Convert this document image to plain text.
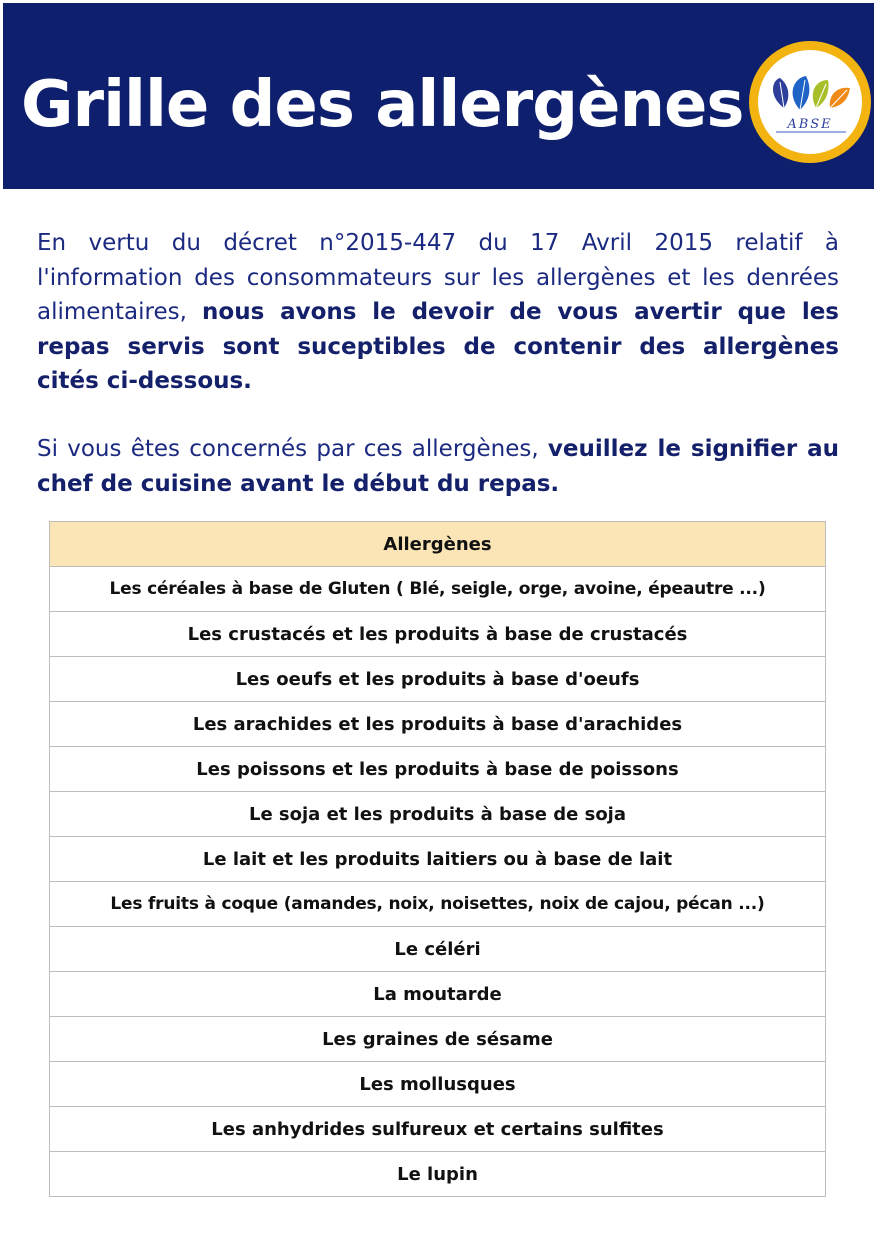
Grille des allergènes	ABSE

En vertu du décret n°2015-447 du 17 Avril 2015 relatif à l'information des consommateurs sur les allergènes et les denrées alimentaires, nous avons le devoir de vous avertir que les repas servis sont suceptibles de contenir des allergènes cités ci-dessous.

Si vous êtes concernés par ces allergènes, veuillez le signifier au chef de cuisine avant le début du repas.

Allergènes
Les céréales à base de Gluten ( Blé, seigle, orge, avoine, épeautre ...)
Les crustacés et les produits à base de crustacés
Les oeufs et les produits à base d'oeufs
Les arachides et les produits à base d'arachides
Les poissons et les produits à base de poissons
Le soja et les produits à base de soja
Le lait et les produits laitiers ou à base de lait
Les fruits à coque (amandes, noix, noisettes, noix de cajou, pécan ...)
Le céléri
La moutarde
Les graines de sésame
Les mollusques
Les anhydrides sulfureux et certains sulfites
Le lupin
